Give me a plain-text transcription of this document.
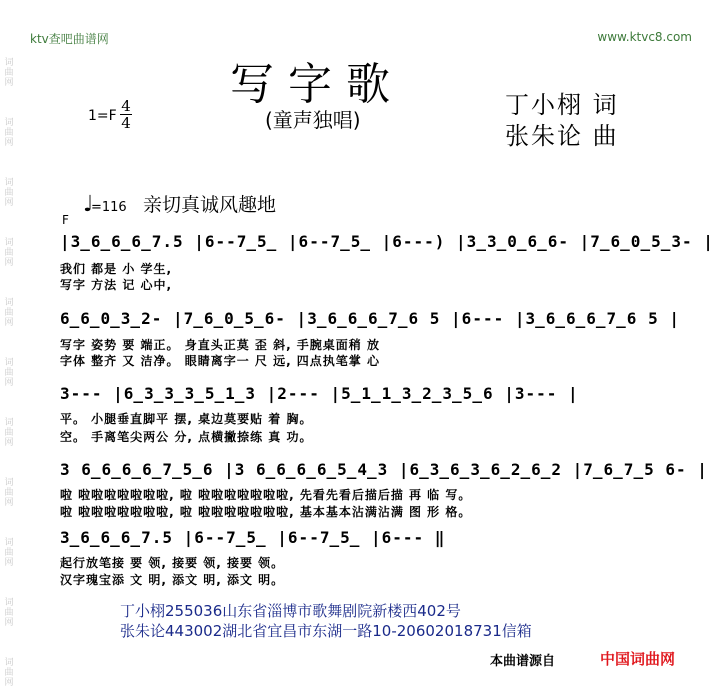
词
曲
网
词
曲
网
词
曲
网
词
曲
网
词
曲
网
词
曲
网
词
曲
网
词
曲
网
词
曲
网
词
曲
网
词
曲
网
ktv查吧曲谱网	www.ktvc8.com
写字歌
(童声独唱)
1=F
4
4
丁小栩 词
张朱论 曲
♩
=116 亲切真诚风趣地
F
|3̲6̲6̲6̲7.5 |6--7̲5̲ |6--7̲5̲ |6---) |3̲3̲0̲6̲6- |7̲6̲0̲5̲3- |
我们 都是 小 学生,
写字 方法 记 心中,
6̲6̲0̲3̲2- |7̲6̲0̲5̲6- |3̲6̲6̲6̲7̲6 5 |6--- |3̲6̲6̲6̲7̲6 5 |
写字 姿势 要 端正。 身直头正莫 歪 斜, 手腕桌面稍 放
字体 整齐 又 洁净。 眼睛离字一 尺 远, 四点执笔掌 心
3--- |6̲3̲3̲3̲5̲1̲3 |2--- |5̲1̲1̲3̲2̲3̲5̲6 |3--- |
平。 小腿垂直脚平 摆, 桌边莫要贴 着 胸。
空。 手离笔尖两公 分, 点横撇捺练 真 功。
3 6̲6̲6̲6̲7̲5̲6 |3 6̲6̲6̲6̲5̲4̲3 |6̲3̲6̲3̲6̲2̲6̲2 |7̲6̲7̲5 6- |
啦 啦啦啦啦啦啦啦, 啦 啦啦啦啦啦啦啦, 先看先看后描后描 再 临 写。
啦 啦啦啦啦啦啦啦, 啦 啦啦啦啦啦啦啦, 基本基本沾满沾满 图 形 格。
3̲6̲6̲6̲7.5 |6--7̲5̲ |6--7̲5̲ |6--- ‖
起行放笔接 要 领, 接要 领, 接要 领。
汉字瑰宝添 文 明, 添文 明, 添文 明。
丁小栩255036山东省淄博市歌舞剧院新楼西402号
张朱论443002湖北省宜昌市东湖一路10-20602018731信箱
本曲谱源自	中国词曲网
